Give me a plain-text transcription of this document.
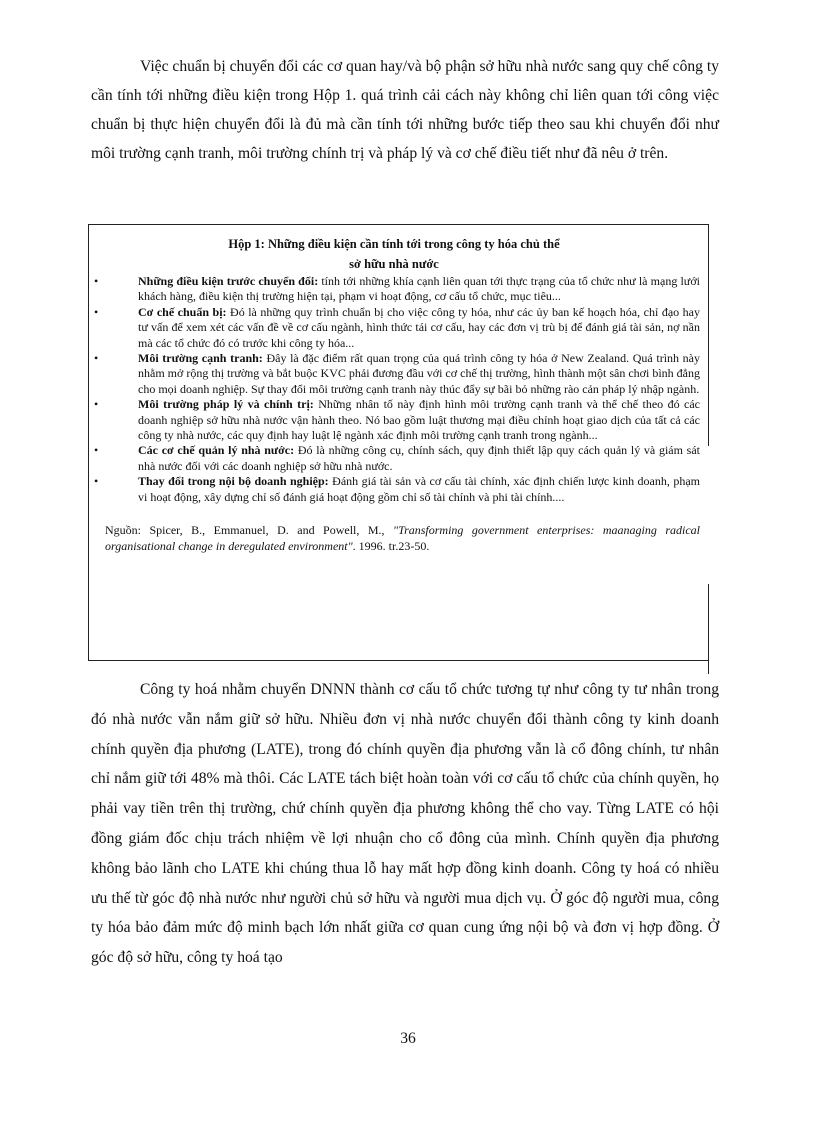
Việc chuẩn bị chuyển đổi các cơ quan hay/và bộ phận sở hữu nhà nước sang quy chế công ty cần tính tới những điều kiện trong Hộp 1. quá trình cải cách này không chỉ liên quan tới công việc chuẩn bị thực hiện chuyển đổi là đủ mà cần tính tới những bước tiếp theo sau khi chuyển đổi như môi trường cạnh tranh, môi trường chính trị và pháp lý và cơ chế điều tiết như đã nêu ở trên.

Hộp 1: Những điều kiện cần tính tới trong công ty hóa chủ thể
sở hữu nhà nước
•	Những điều kiện trước chuyển đổi: tính tới những khía cạnh liên quan tới thực trạng của tổ chức như là mạng lưới khách hàng, điều kiện thị trường hiện tại, phạm vi hoạt động, cơ cấu tổ chức, mục tiêu...
•	Cơ chế chuẩn bị: Đó là những quy trình chuẩn bị cho việc công ty hóa, như các ủy ban kế hoạch hóa, chỉ đạo hay tư vấn để xem xét các vấn đề về cơ cấu ngành, hình thức tái cơ cấu, hay các đơn vị trù bị để đánh giá tài sản, nợ nần mà các tổ chức đó có trước khi công ty hóa...
•	Môi trường cạnh tranh: Đây là đặc điểm rất quan trọng của quá trình công ty hóa ở New Zealand. Quá trình này nhằm mở rộng thị trường và bắt buộc KVC phải đương đầu với cơ chế thị trường, hình thành một sân chơi bình đẳng cho mọi doanh nghiệp. Sự thay đổi môi trường cạnh tranh này thúc đẩy sự bãi bỏ những rào cản pháp lý nhập ngành.
•	Môi trường pháp lý và chính trị: Những nhân tố này định hình môi trường cạnh tranh và thể chế theo đó các doanh nghiệp sở hữu nhà nước vận hành theo. Nó bao gồm luật thương mại điều chỉnh hoạt giao dịch của tất cả các công ty nhà nước, các quy định hay luật lệ ngành xác định môi trường cạnh tranh trong ngành...
•	Các cơ chế quản lý nhà nước: Đó là những công cụ, chính sách, quy định thiết lập quy cách quản lý và giám sát nhà nước đối với các doanh nghiệp sở hữu nhà nước.
•	Thay đổi trong nội bộ doanh nghiệp: Đánh giá tài sản và cơ cấu tài chính, xác định chiến lược kinh doanh, phạm vi hoạt động, xây dựng chỉ số đánh giá hoạt động gồm chỉ số tài chính và phi tài chính....
Nguồn: Spicer, B., Emmanuel, D. and Powell, M., "Transforming government enterprises: maanaging radical organisational change in deregulated environment". 1996. tr.23-50.

Công ty hoá nhằm chuyển DNNN thành cơ cấu tổ chức tương tự như công ty tư nhân trong đó nhà nước vẫn nắm giữ sở hữu. Nhiều đơn vị nhà nước chuyển đổi thành công ty kinh doanh chính quyền địa phương (LATE), trong đó chính quyền địa phương vẫn là cổ đông chính, tư nhân chỉ nắm giữ tới 48% mà thôi. Các LATE tách biệt hoàn toàn với cơ cấu tổ chức của chính quyền, họ phải vay tiền trên thị trường, chứ chính quyền địa phương không thể cho vay. Từng LATE có hội đồng giám đốc chịu trách nhiệm về lợi nhuận cho cổ đông của mình. Chính quyền địa phương không bảo lãnh cho LATE khi chúng thua lỗ hay mất hợp đồng kinh doanh. Công ty hoá có nhiều ưu thế từ góc độ nhà nước như người chủ sở hữu và người mua dịch vụ. Ở góc độ người mua, công ty hóa bảo đảm mức độ minh bạch lớn nhất giữa cơ quan cung ứng nội bộ và đơn vị hợp đồng. Ở góc độ sở hữu, công ty hoá tạo

36
